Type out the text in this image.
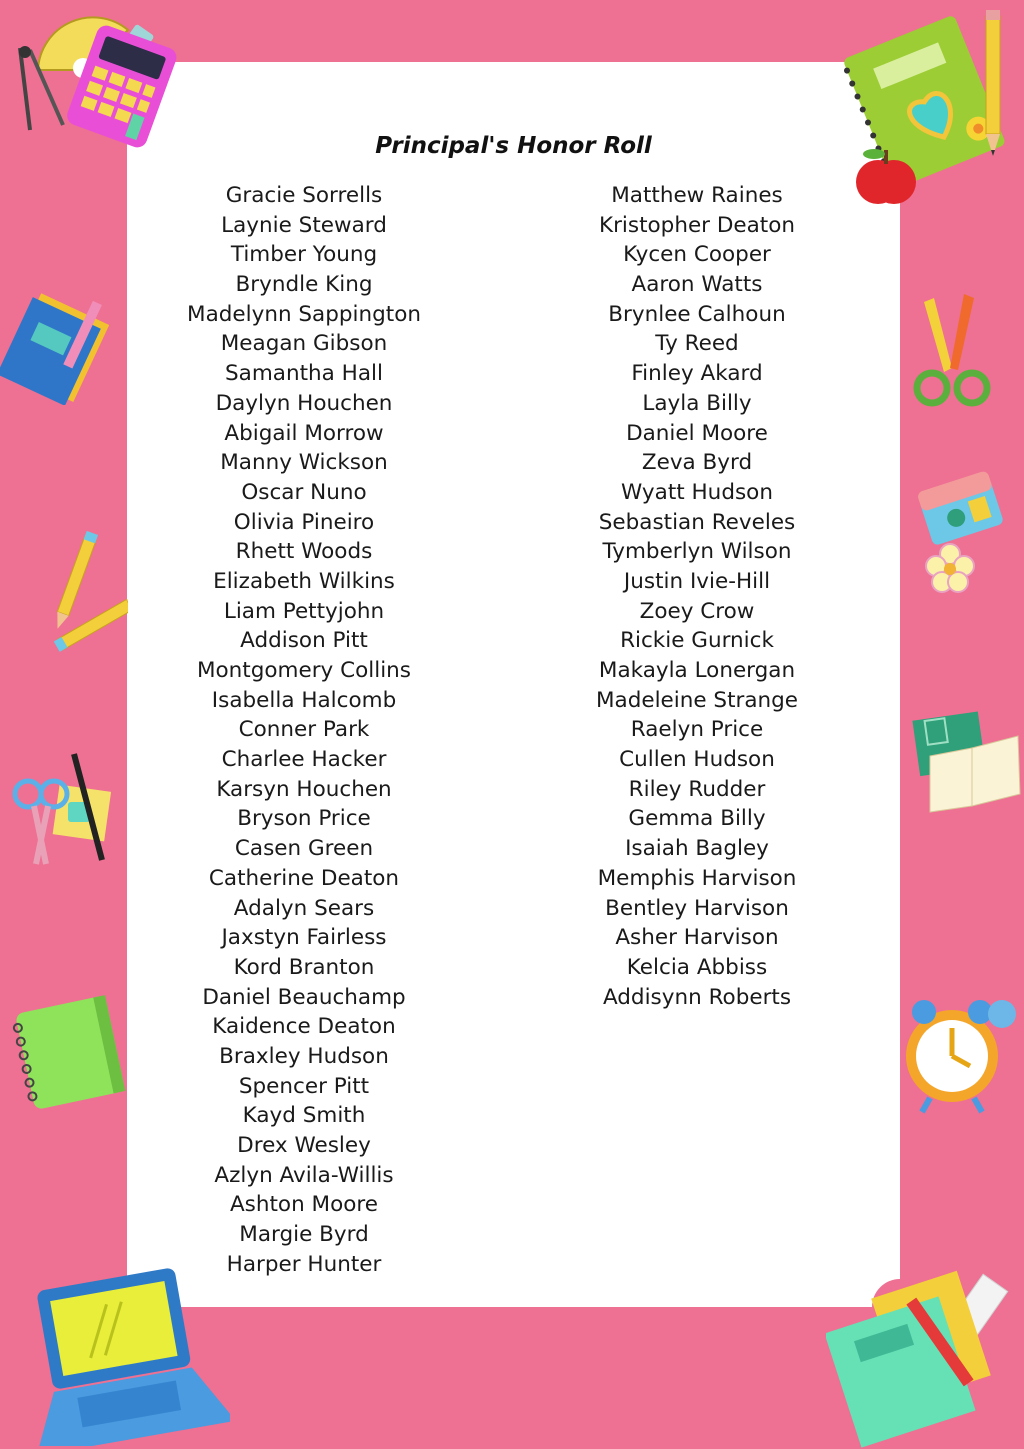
Principal's Honor Roll
Gracie Sorrells
Laynie Steward
Timber Young
Bryndle King
Madelynn Sappington
Meagan Gibson
Samantha Hall
Daylyn Houchen
Abigail Morrow
Manny Wickson
Oscar Nuno
Olivia Pineiro
Rhett Woods
Elizabeth Wilkins
Liam Pettyjohn
Addison Pitt
Montgomery Collins
Isabella Halcomb
Conner Park
Charlee Hacker
Karsyn Houchen
Bryson Price
Casen Green
Catherine Deaton
Adalyn Sears
Jaxstyn Fairless
Kord Branton
Daniel Beauchamp
Kaidence Deaton
Braxley Hudson
Spencer Pitt
Kayd Smith
Drex Wesley
Azlyn Avila-Willis
Ashton Moore
Margie Byrd
Harper Hunter
Matthew Raines
Kristopher Deaton
Kycen Cooper
Aaron Watts
Brynlee Calhoun
Ty Reed
Finley Akard
Layla Billy
Daniel Moore
Zeva Byrd
Wyatt Hudson
Sebastian Reveles
Tymberlyn Wilson
Justin Ivie-Hill
Zoey Crow
Rickie Gurnick
Makayla Lonergan
Madeleine Strange
Raelyn Price
Cullen Hudson
Riley Rudder
Gemma Billy
Isaiah Bagley
Memphis Harvison
Bentley Harvison
Asher Harvison
Kelcia Abbiss
Addisynn Roberts
